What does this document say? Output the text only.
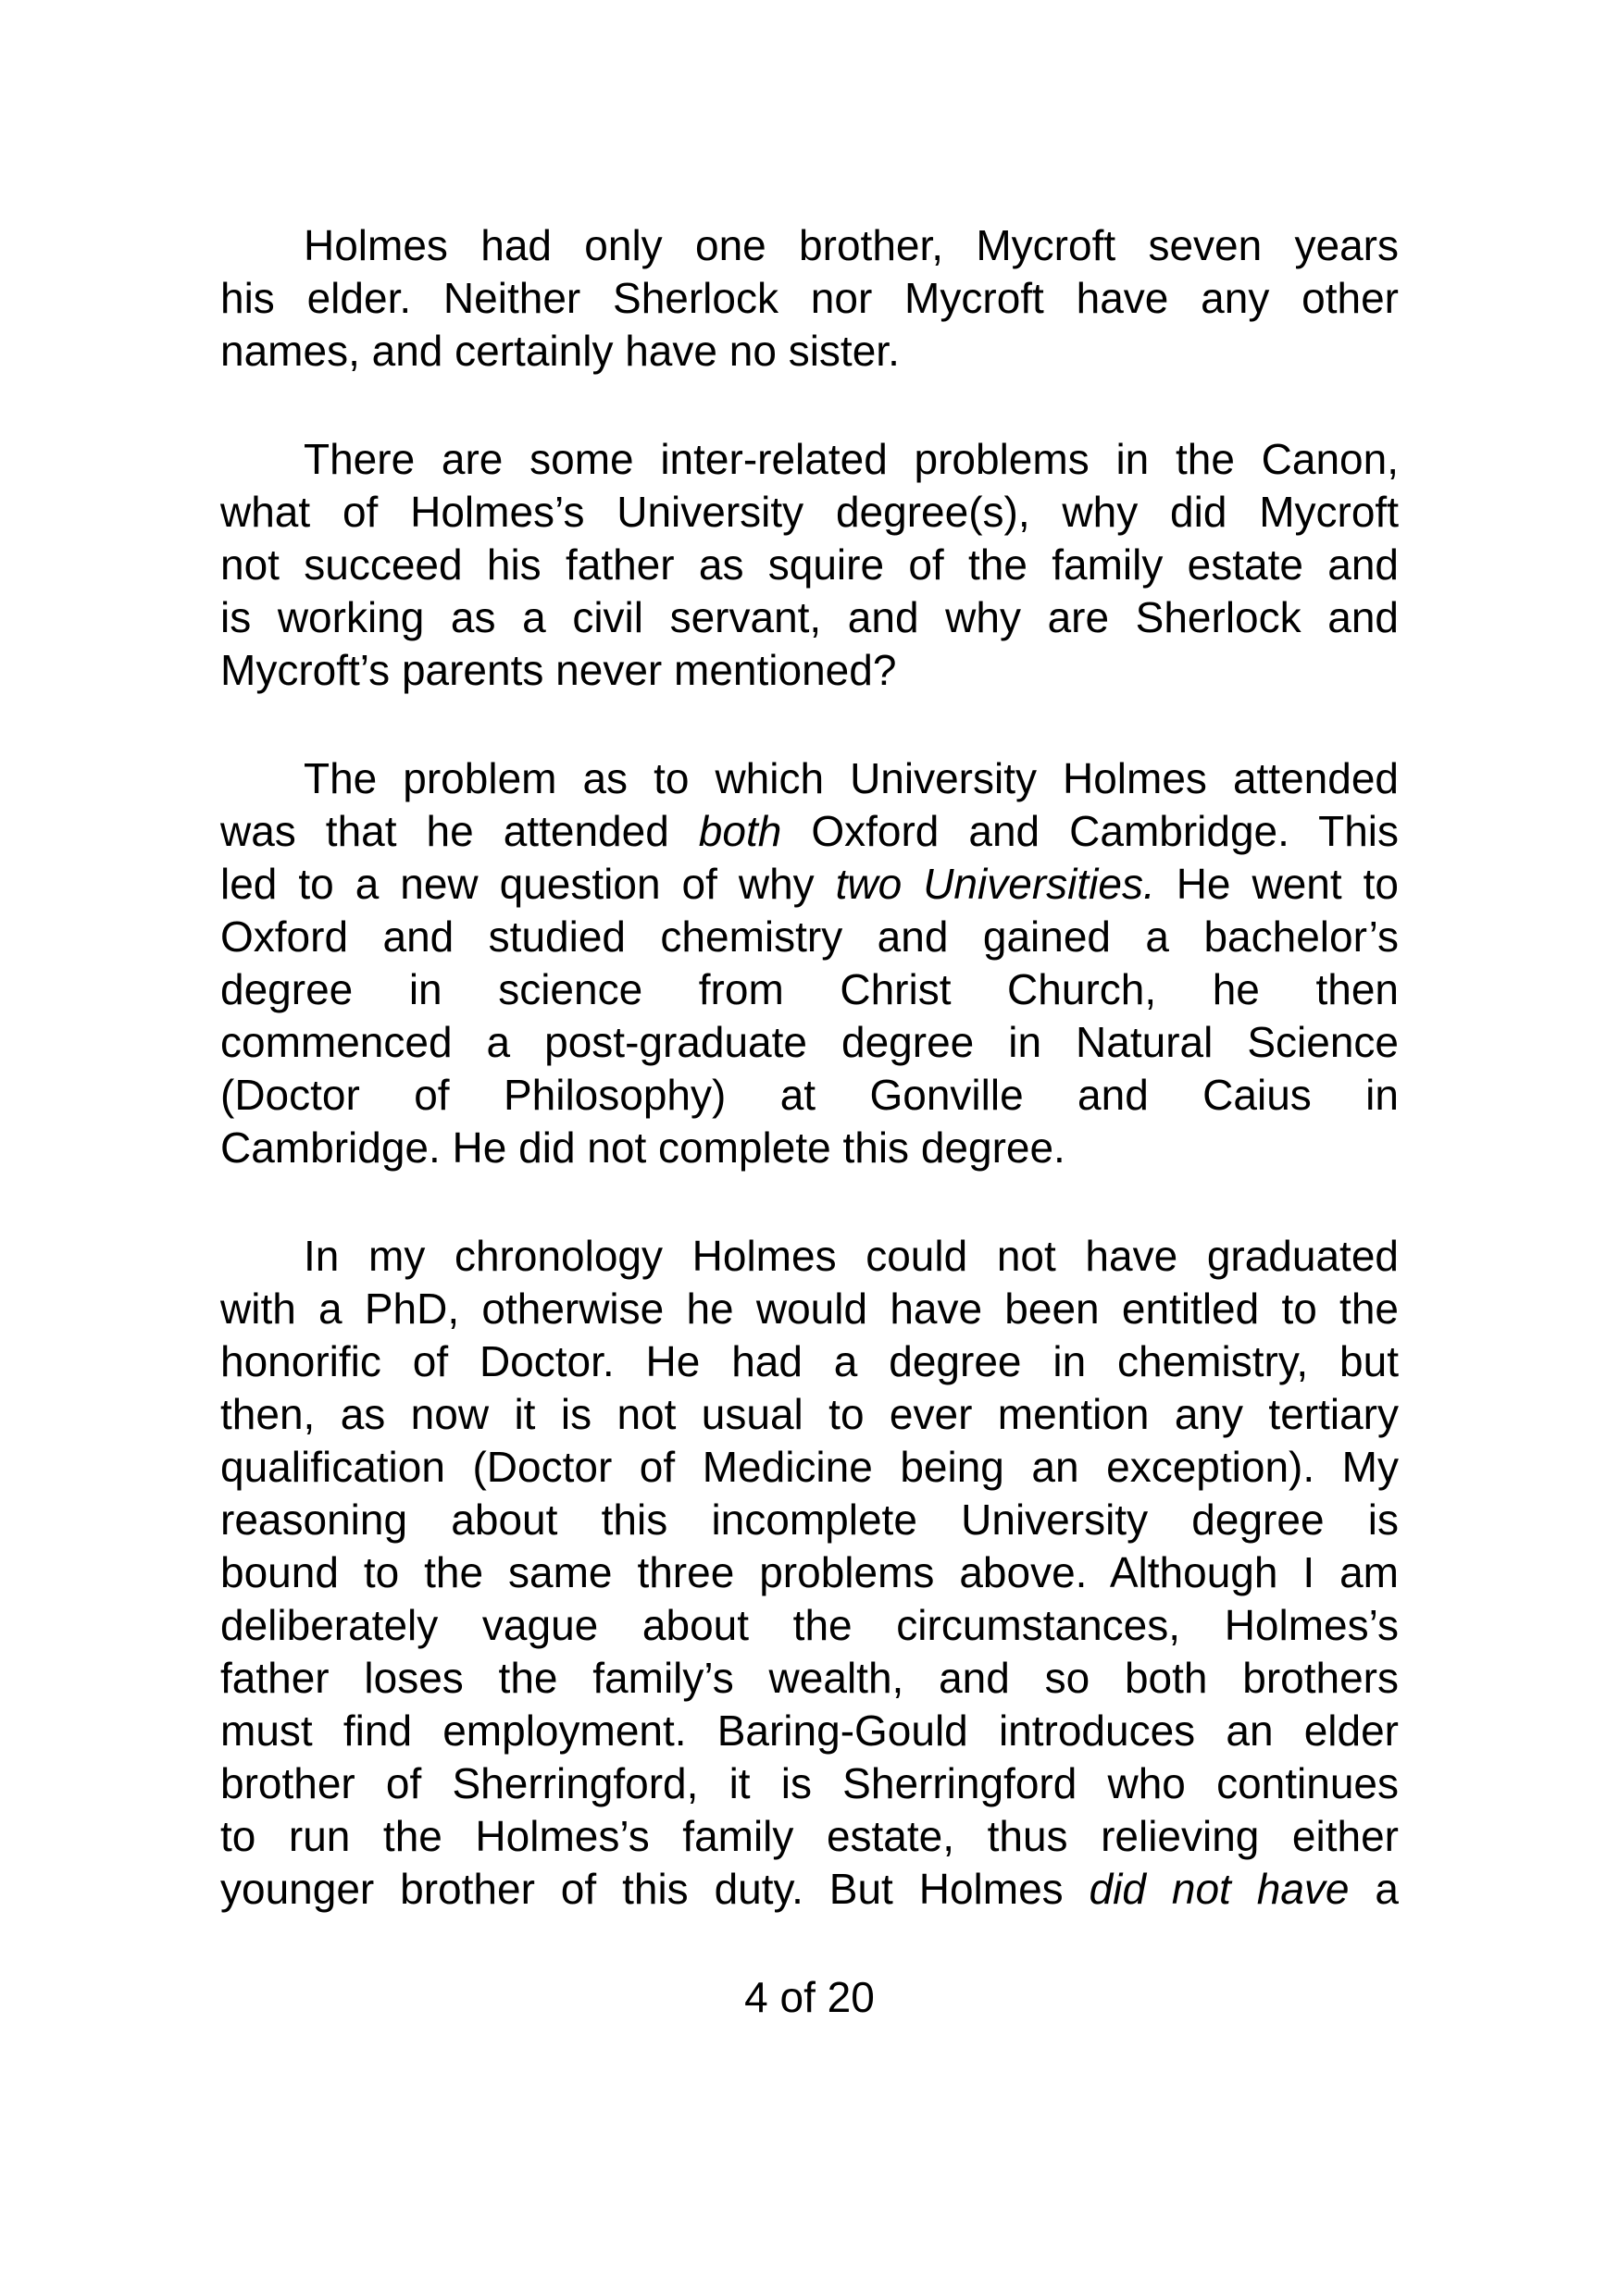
Holmes had only one brother, Mycroft seven years
his elder. Neither Sherlock nor Mycroft have any other
names, and certainly have no sister.
There are some inter-related problems in the Canon,
what of Holmes’s University degree(s), why did Mycroft
not succeed his father as squire of the family estate and
is working as a civil servant, and why are Sherlock and
Mycroft’s parents never mentioned?
The problem as to which University Holmes attended
was that he attended both Oxford and Cambridge. This
led to a new question of why two Universities. He went to
Oxford and studied chemistry and gained a bachelor’s
degree in science from Christ Church, he then
commenced a post-graduate degree in Natural Science
(Doctor of Philosophy) at Gonville and Caius in
Cambridge. He did not complete this degree.
In my chronology Holmes could not have graduated
with a PhD, otherwise he would have been entitled to the
honorific of Doctor. He had a degree in chemistry, but
then, as now it is not usual to ever mention any tertiary
qualification (Doctor of Medicine being an exception). My
reasoning about this incomplete University degree is
bound to the same three problems above. Although I am
deliberately vague about the circumstances, Holmes’s
father loses the family’s wealth, and so both brothers
must find employment. Baring-Gould introduces an elder
brother of Sherringford, it is Sherringford who continues
to run the Holmes’s family estate, thus relieving either
younger brother of this duty. But Holmes did not have a
4 of 20
